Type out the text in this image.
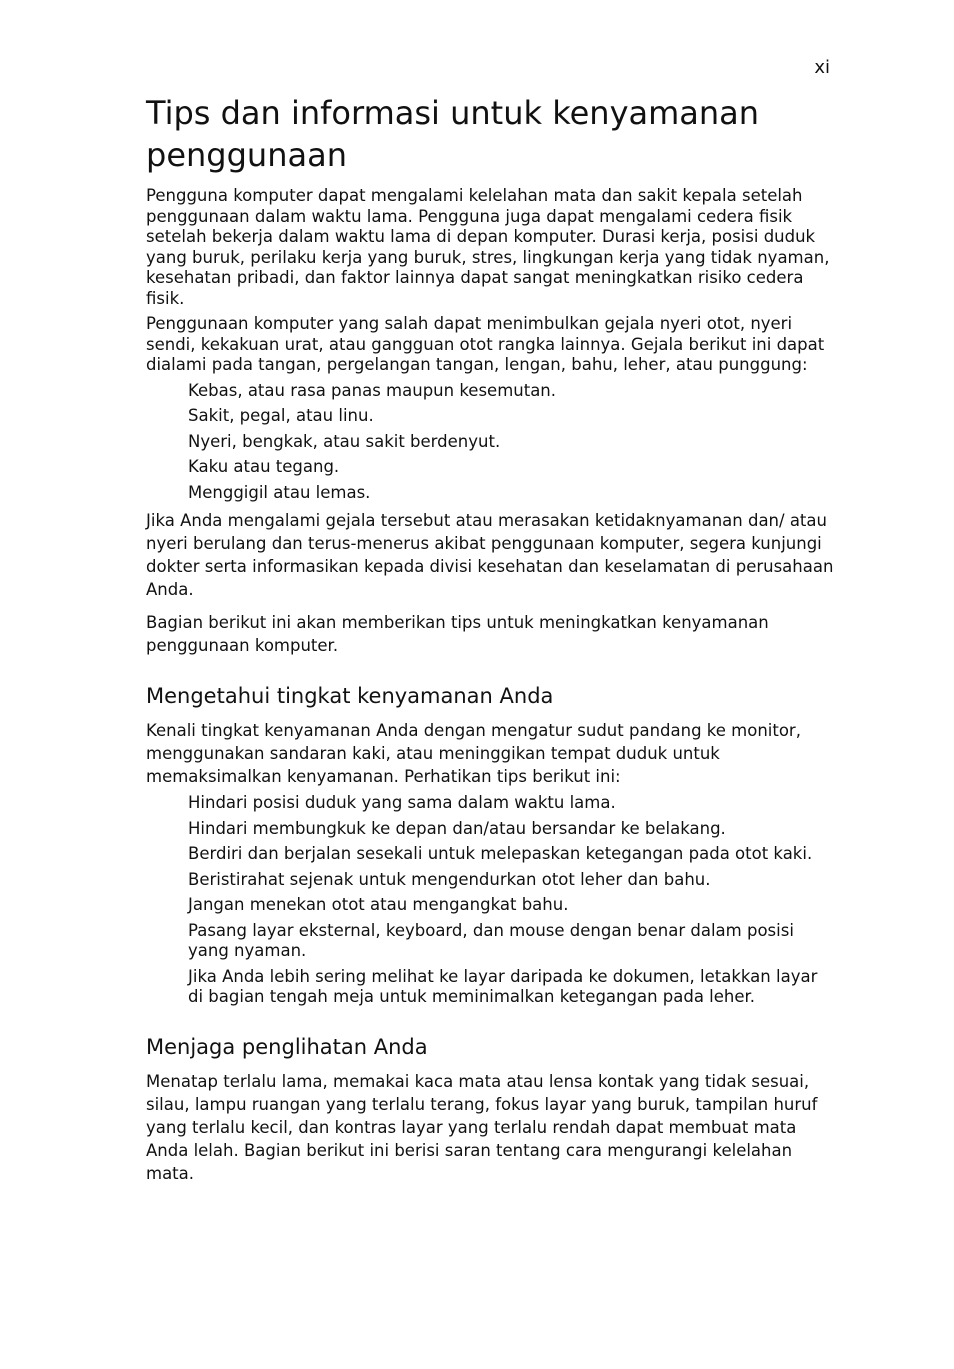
xi
Tips dan informasi untuk kenyamanan penggunaan

Pengguna komputer dapat mengalami kelelahan mata dan sakit kepala setelah penggunaan dalam waktu lama. Pengguna juga dapat mengalami cedera fisik setelah bekerja dalam waktu lama di depan komputer. Durasi kerja, posisi duduk yang buruk, perilaku kerja yang buruk, stres, lingkungan kerja yang tidak nyaman, kesehatan pribadi, dan faktor lainnya dapat sangat meningkatkan risiko cedera fisik.

Penggunaan komputer yang salah dapat menimbulkan gejala nyeri otot, nyeri sendi, kekakuan urat, atau gangguan otot rangka lainnya. Gejala berikut ini dapat dialami pada tangan, pergelangan tangan, lengan, bahu, leher, atau punggung:

Kebas, atau rasa panas maupun kesemutan.
Sakit, pegal, atau linu.
Nyeri, bengkak, atau sakit berdenyut.
Kaku atau tegang.
Menggigil atau lemas.

Jika Anda mengalami gejala tersebut atau merasakan ketidaknyamanan dan/ atau nyeri berulang dan terus-menerus akibat penggunaan komputer, segera kunjungi dokter serta informasikan kepada divisi kesehatan dan keselamatan di perusahaan Anda.

Bagian berikut ini akan memberikan tips untuk meningkatkan kenyamanan penggunaan komputer.

Mengetahui tingkat kenyamanan Anda

Kenali tingkat kenyamanan Anda dengan mengatur sudut pandang ke monitor, menggunakan sandaran kaki, atau meninggikan tempat duduk untuk memaksimalkan kenyamanan. Perhatikan tips berikut ini:

Hindari posisi duduk yang sama dalam waktu lama.
Hindari membungkuk ke depan dan/atau bersandar ke belakang.
Berdiri dan berjalan sesekali untuk melepaskan ketegangan pada otot kaki.
Beristirahat sejenak untuk mengendurkan otot leher dan bahu.
Jangan menekan otot atau mengangkat bahu.
Pasang layar eksternal, keyboard, dan mouse dengan benar dalam posisi yang nyaman.
Jika Anda lebih sering melihat ke layar daripada ke dokumen, letakkan layar di bagian tengah meja untuk meminimalkan ketegangan pada leher.
Menjaga penglihatan Anda

Menatap terlalu lama, memakai kaca mata atau lensa kontak yang tidak sesuai, silau, lampu ruangan yang terlalu terang, fokus layar yang buruk, tampilan huruf yang terlalu kecil, dan kontras layar yang terlalu rendah dapat membuat mata Anda lelah. Bagian berikut ini berisi saran tentang cara mengurangi kelelahan mata.
